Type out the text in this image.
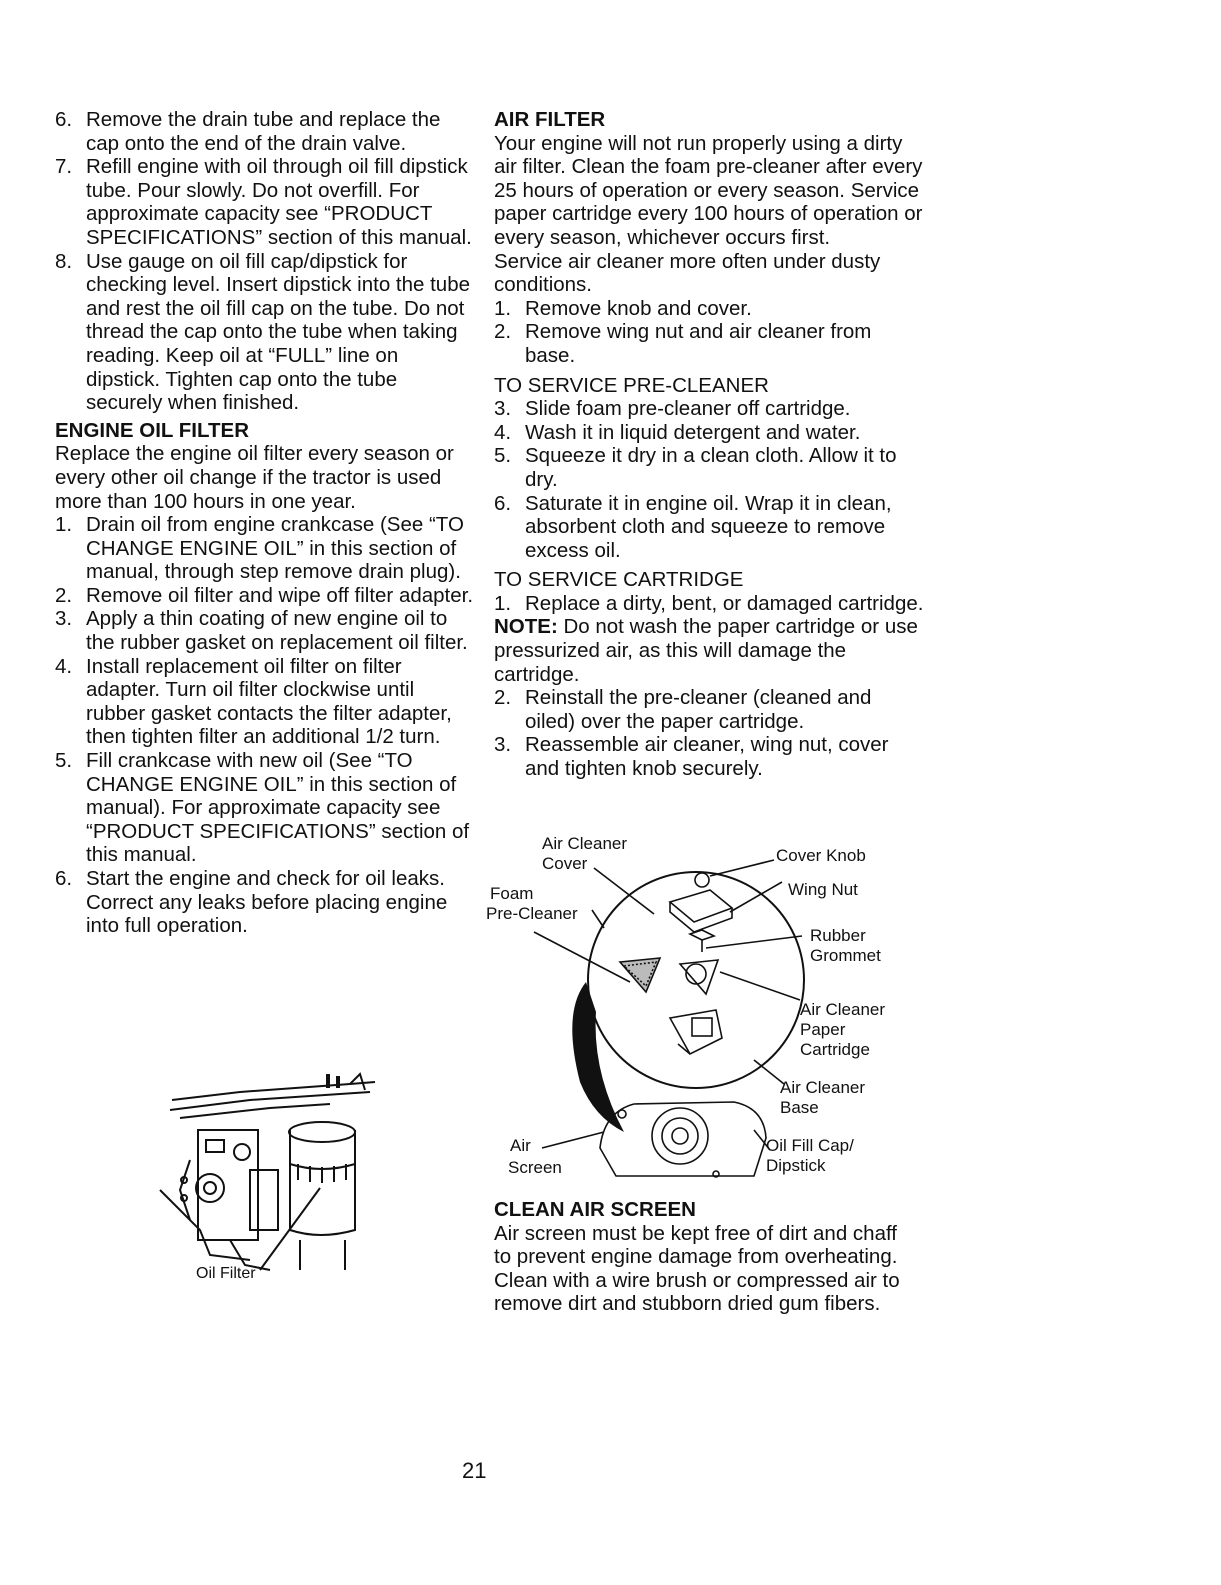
6. Remove the drain tube and replace the cap onto the end of the drain valve.
7. Refill engine with oil through oil fill dipstick tube. Pour slowly. Do not overfill. For approximate capacity see “PRODUCT SPECIFICATIONS” section of this manual.
8. Use gauge on oil fill cap/dipstick for checking level. Insert dipstick into the tube and rest the oil fill cap on the tube. Do not thread the cap onto the tube when taking reading. Keep oil at “FULL” line on dipstick. Tighten cap onto the tube securely when finished.
ENGINE OIL FILTER

Replace the engine oil filter every season or every other oil change if the tractor is used more than 100 hours in one year.

1. Drain oil from engine crankcase (See “TO CHANGE ENGINE OIL” in this section of manual, through step remove drain plug).
2. Remove oil filter and wipe off filter adapter.
3. Apply a thin coating of new engine oil to the rubber gasket on replacement oil filter.
4. Install replacement oil filter on filter adapter. Turn oil filter clockwise until rubber gasket contacts the filter adapter, then tighten filter an additional 1/2 turn.
5. Fill crankcase with new oil (See “TO CHANGE ENGINE OIL” in this section of manual). For approximate capacity see “PRODUCT SPECIFICATIONS” section of this manual.
6. Start the engine and check for oil leaks. Correct any leaks before placing engine into full operation.
Oil Filter
AIR FILTER

Your engine will not run properly using a dirty air filter. Clean the foam pre-cleaner after every 25 hours of operation or every season. Service paper cartridge every 100 hours of operation or every season, whichever occurs first.

Service air cleaner more often under dusty conditions.

1. Remove knob and cover.
2. Remove wing nut and air cleaner from base.
TO SERVICE PRE-CLEANER
3. Slide foam pre-cleaner off cartridge.
4. Wash it in liquid detergent and water.
5. Squeeze it dry in a clean cloth. Allow it to dry.
6. Saturate it in engine oil. Wrap it in clean, absorbent cloth and squeeze to remove excess oil.
TO SERVICE CARTRIDGE
1. Replace a dirty, bent, or damaged cartridge.

NOTE: Do not wash the paper cartridge or use pressurized air, as this will damage the cartridge.

2. Reinstall the pre-cleaner (cleaned and oiled) over the paper cartridge.
3. Reassemble air cleaner, wing nut, cover and tighten knob securely.
Air Cleaner
Cover	Cover Knob
Foam
Pre-Cleaner
Wing Nut
Rubber
Grommet
Air Cleaner
Paper
Cartridge
Air Cleaner
Base
Air
Screen
Oil Fill Cap/
Dipstick
CLEAN AIR SCREEN

Air screen must be kept free of dirt and chaff to prevent engine damage from overheating. Clean with a wire brush or compressed air to remove dirt and stubborn dried gum fibers.

21
